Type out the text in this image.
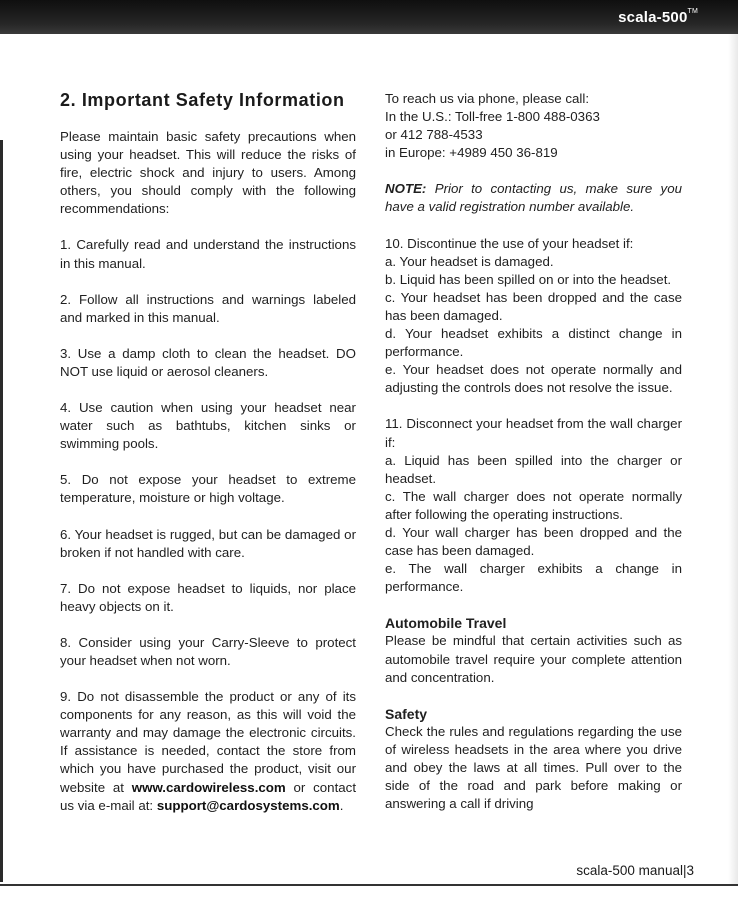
scala-500™
2. Important Safety Information

Please maintain basic safety precautions when using your headset. This will reduce the risks of fire, electric shock and injury to users. Among others, you should comply with the following recommendations:

1. Carefully read and understand the instructions in this manual.

2. Follow all instructions and warnings labeled and marked in this manual.

3. Use a damp cloth to clean the headset. DO NOT use liquid or aerosol cleaners.

4. Use caution when using your headset near water such as bathtubs, kitchen sinks or swimming pools.

5. Do not expose your headset to extreme temperature, moisture or high voltage.

6. Your headset is rugged, but can be damaged or broken if not handled with care.

7. Do not expose headset to liquids, nor place heavy objects on it.

8. Consider using your Carry-Sleeve to protect your headset when not worn.

9. Do not disassemble the product or any of its components for any reason, as this will void the warranty and may damage the electronic circuits. If assistance is needed, contact the store from which you have purchased the product, visit our website at www.cardowireless.com or contact us via e-mail at: support@cardosystems.com.

To reach us via phone, please call:

In the U.S.: Toll-free 1-800 488-0363

or 412 788-4533

in Europe: +4989 450 36-819

NOTE: Prior to contacting us, make sure you have a valid registration number available.

10. Discontinue the use of your headset if:

a. Your headset is damaged.

b. Liquid has been spilled on or into the headset.

c. Your headset has been dropped and the case has been damaged.

d. Your headset exhibits a distinct change in performance.

e. Your headset does not operate normally and adjusting the controls does not resolve the issue.

11. Disconnect your headset from the wall charger if:

a. Liquid has been spilled into the charger or headset.

c. The wall charger does not operate normally after following the operating instructions.

d. Your wall charger has been dropped and the case has been damaged.

e. The wall charger exhibits a change in performance.

Automobile Travel

Please be mindful that certain activities such as automobile travel require your complete attention and concentration.

Safety

Check the rules and regulations regarding the use of wireless headsets in the area where you drive and obey the laws at all times. Pull over to the side of the road and park before making or answering a call if driving

scala-500 manual|3
